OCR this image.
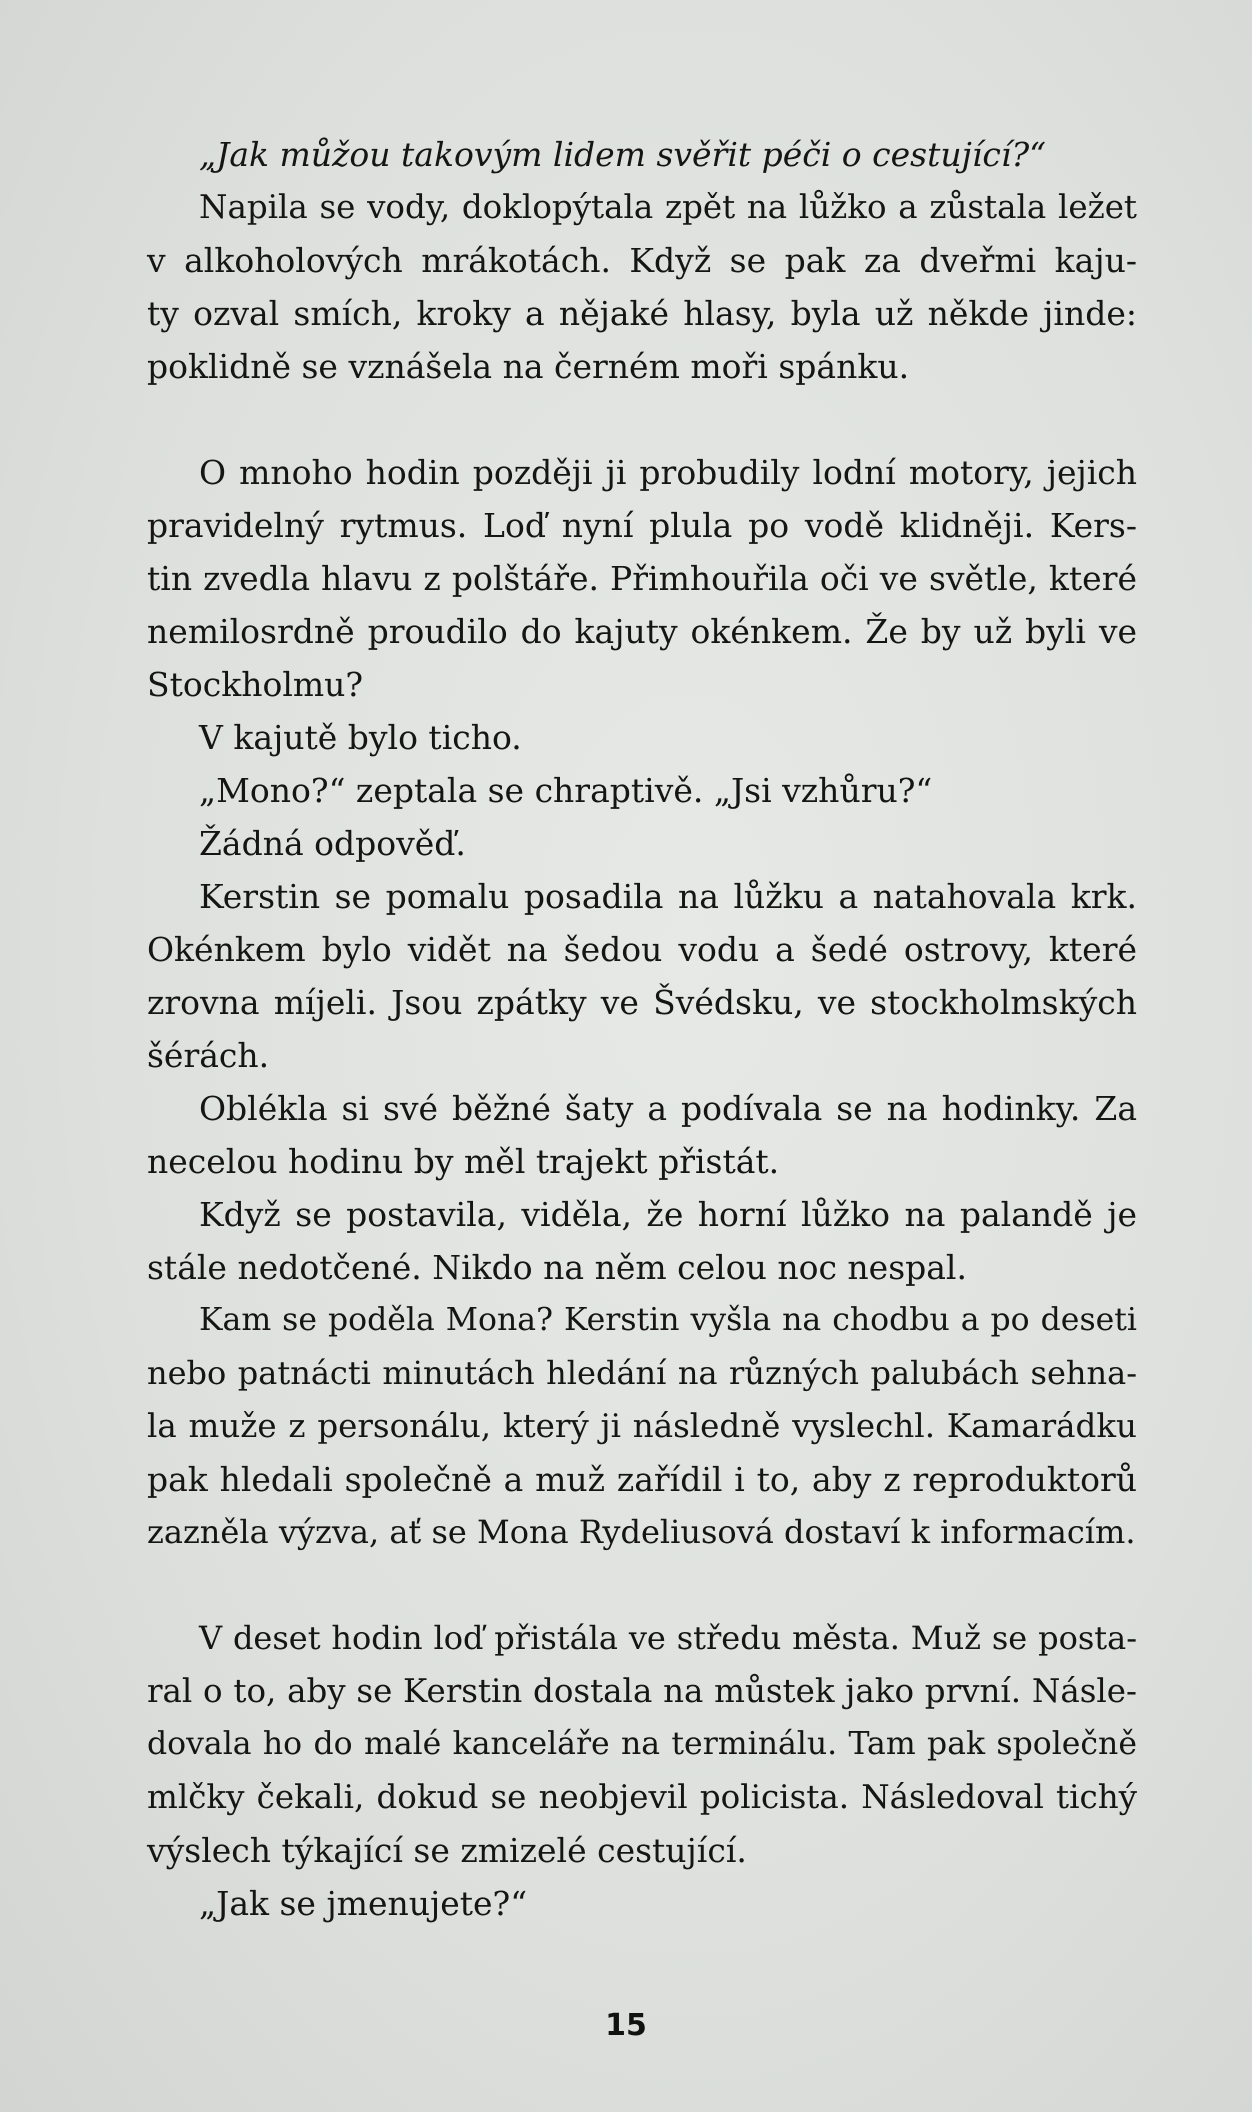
„Jak můžou takovým lidem svěřit péči o cestující?“
Napila se vody, doklopýtala zpět na lůžko a zůstala ležet
v alkoholových mrákotách. Když se pak za dveřmi kaju-
ty ozval smích, kroky a nějaké hlasy, byla už někde jinde:
poklidně se vznášela na černém moři spánku.
O mnoho hodin později ji probudily lodní motory, jejich
pravidelný rytmus. Loď nyní plula po vodě klidněji. Kers-
tin zvedla hlavu z polštáře. Přimhouřila oči ve světle, které
nemilosrdně proudilo do kajuty okénkem. Že by už byli ve
Stockholmu?
V kajutě bylo ticho.
„Mono?“ zeptala se chraptivě. „Jsi vzhůru?“
Žádná odpověď.
Kerstin se pomalu posadila na lůžku a natahovala krk.
Okénkem bylo vidět na šedou vodu a šedé ostrovy, které
zrovna míjeli. Jsou zpátky ve Švédsku, ve stockholmských
šérách.
Oblékla si své běžné šaty a podívala se na hodinky. Za
necelou hodinu by měl trajekt přistát.
Když se postavila, viděla, že horní lůžko na palandě je
stále nedotčené. Nikdo na něm celou noc nespal.
Kam se poděla Mona? Kerstin vyšla na chodbu a po deseti
nebo patnácti minutách hledání na různých palubách sehna-
la muže z personálu, který ji následně vyslechl. Kamarádku
pak hledali společně a muž zařídil i to, aby z reproduktorů
zazněla výzva, ať se Mona Rydeliusová dostaví k informacím.
V deset hodin loď přistála ve středu města. Muž se posta-
ral o to, aby se Kerstin dostala na můstek jako první. Násle-
dovala ho do malé kanceláře na terminálu. Tam pak společně
mlčky čekali, dokud se neobjevil policista. Následoval tichý
výslech týkající se zmizelé cestující.
„Jak se jmenujete?“
15
